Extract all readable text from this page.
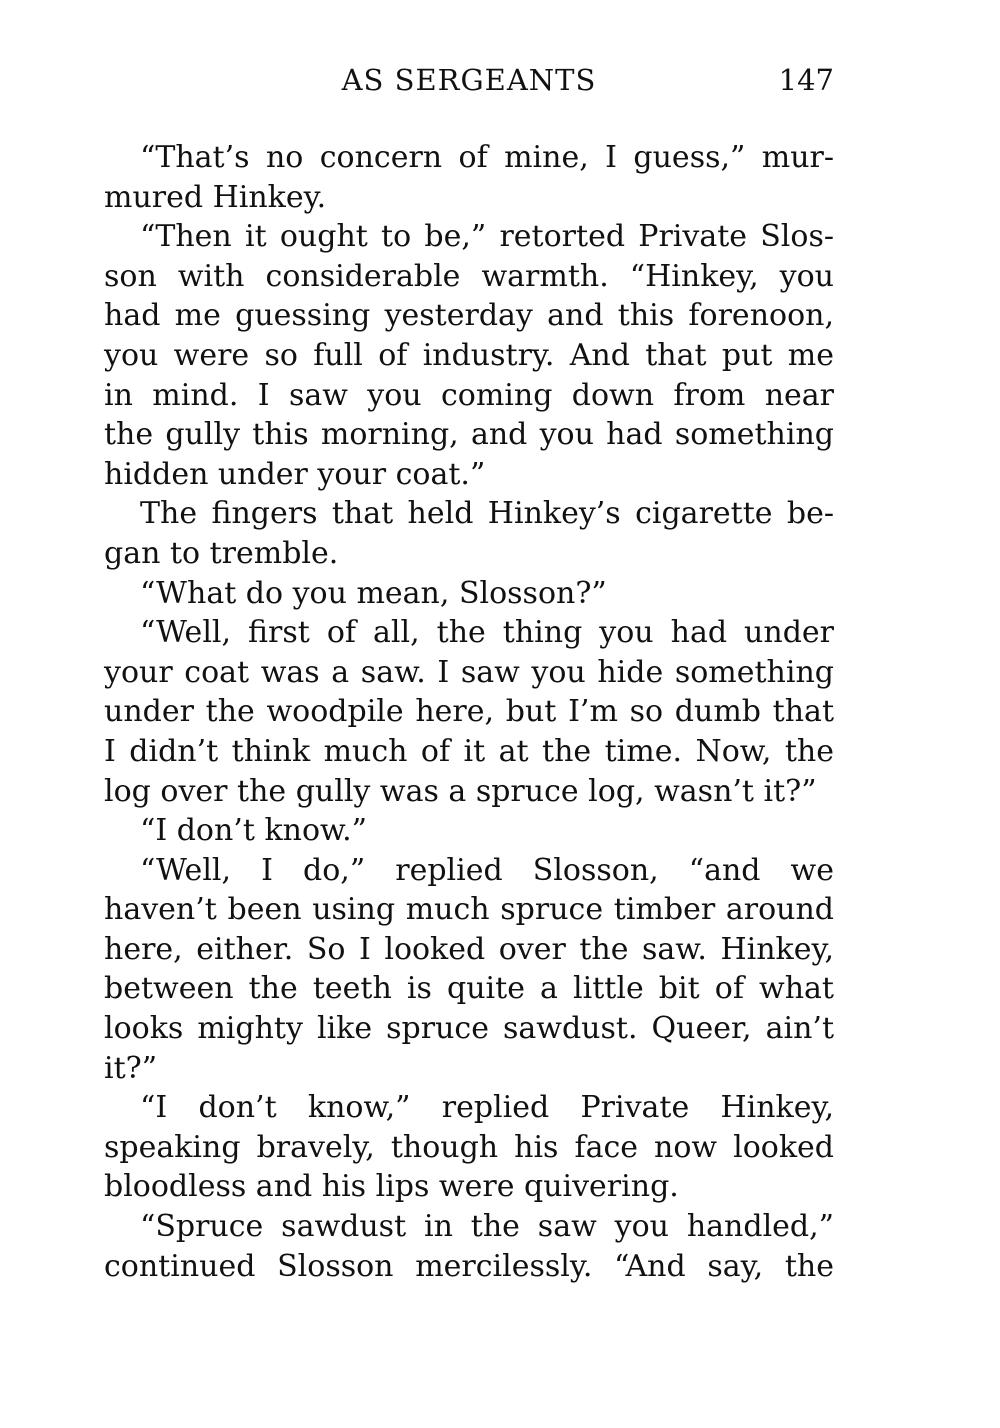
AS SERGEANTS	147
“That’s no concern of mine, I guess,” mur-
mured Hinkey.
“Then it ought to be,” retorted Private Slos-
son with considerable warmth. “Hinkey, you
had me guessing yesterday and this forenoon,
you were so full of industry. And that put me
in mind. I saw you coming down from near
the gully this morning, and you had something
hidden under your coat.”
The fingers that held Hinkey’s cigarette be-
gan to tremble.
“What do you mean, Slosson?”
“Well, first of all, the thing you had under
your coat was a saw. I saw you hide something
under the woodpile here, but I’m so dumb that
I didn’t think much of it at the time. Now, the
log over the gully was a spruce log, wasn’t it?”
“I don’t know.”
“Well, I do,” replied Slosson, “and we
haven’t been using much spruce timber around
here, either. So I looked over the saw. Hinkey,
between the teeth is quite a little bit of what
looks mighty like spruce sawdust. Queer, ain’t
it?”
“I don’t know,” replied Private Hinkey,
speaking bravely, though his face now looked
bloodless and his lips were quivering.
“Spruce sawdust in the saw you handled,”
continued Slosson mercilessly. “And say, the
